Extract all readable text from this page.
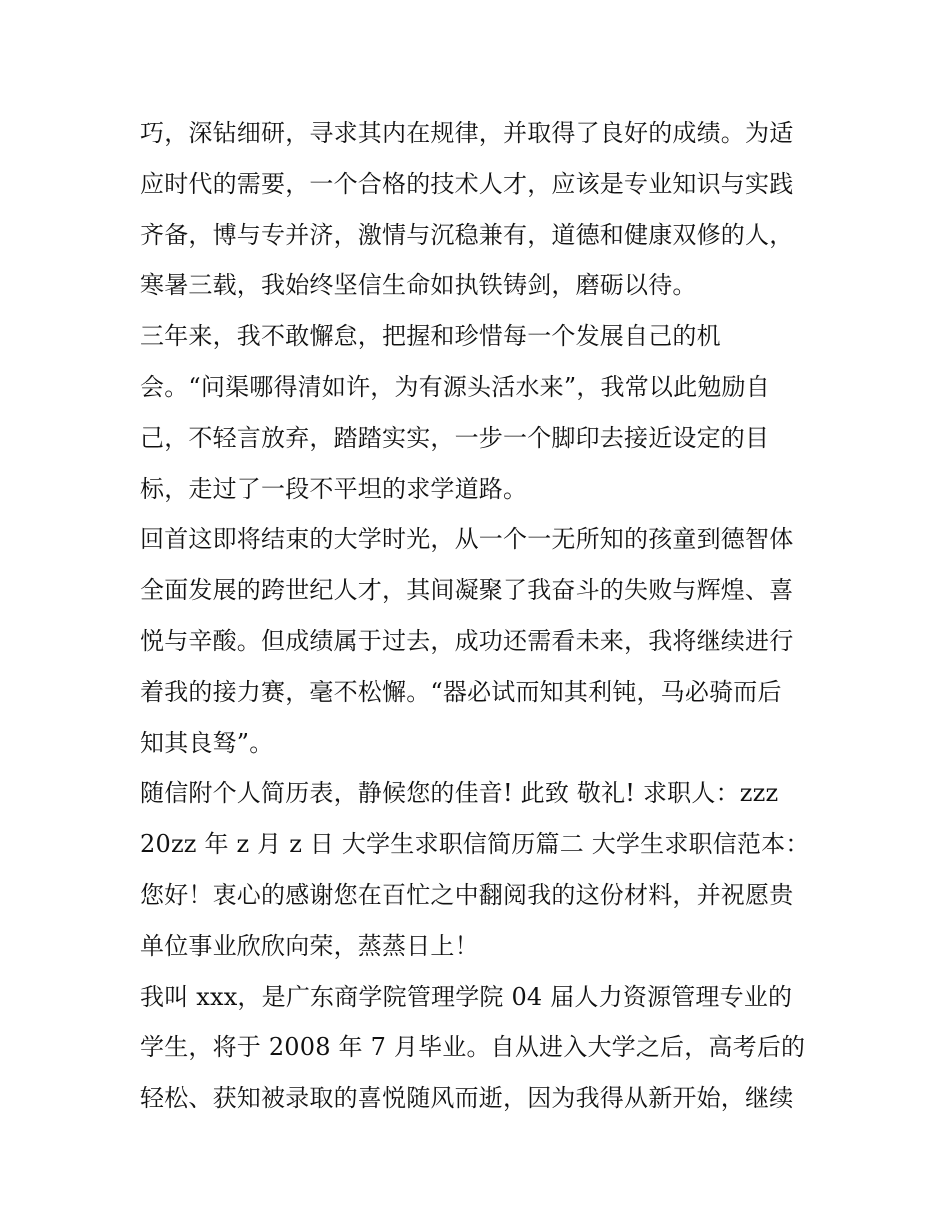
巧，深钻细研，寻求其内在规律，并取得了良好的成绩。为适
应时代的需要，一个合格的技术人才，应该是专业知识与实践
齐备，博与专并济，激情与沉稳兼有，道德和健康双修的人，
寒暑三载，我始终坚信生命如执铁铸剑，磨砺以待。
三年来，我不敢懈怠，把握和珍惜每一个发展自己的机
会。“问渠哪得清如许，为有源头活水来”，我常以此勉励自
己，不轻言放弃，踏踏实实，一步一个脚印去接近设定的目
标，走过了一段不平坦的求学道路。
回首这即将结束的大学时光，从一个一无所知的孩童到德智体
全面发展的跨世纪人才，其间凝聚了我奋斗的失败与辉煌、喜
悦与辛酸。但成绩属于过去，成功还需看未来，我将继续进行
着我的接力赛，毫不松懈。“器必试而知其利钝，马必骑而后
知其良驽”。
随信附个人简历表，静候您的佳音! 此致 敬礼! 求职人：zzz
20zz 年 z 月 z 日 大学生求职信简历篇二 大学生求职信范本：
您好！衷心的感谢您在百忙之中翻阅我的这份材料，并祝愿贵
单位事业欣欣向荣，蒸蒸日上！
我叫 xxx，是广东商学院管理学院 04 届人力资源管理专业的
学生，将于 2008 年 7 月毕业。自从进入大学之后，高考后的
轻松、获知被录取的喜悦随风而逝，因为我得从新开始，继续
